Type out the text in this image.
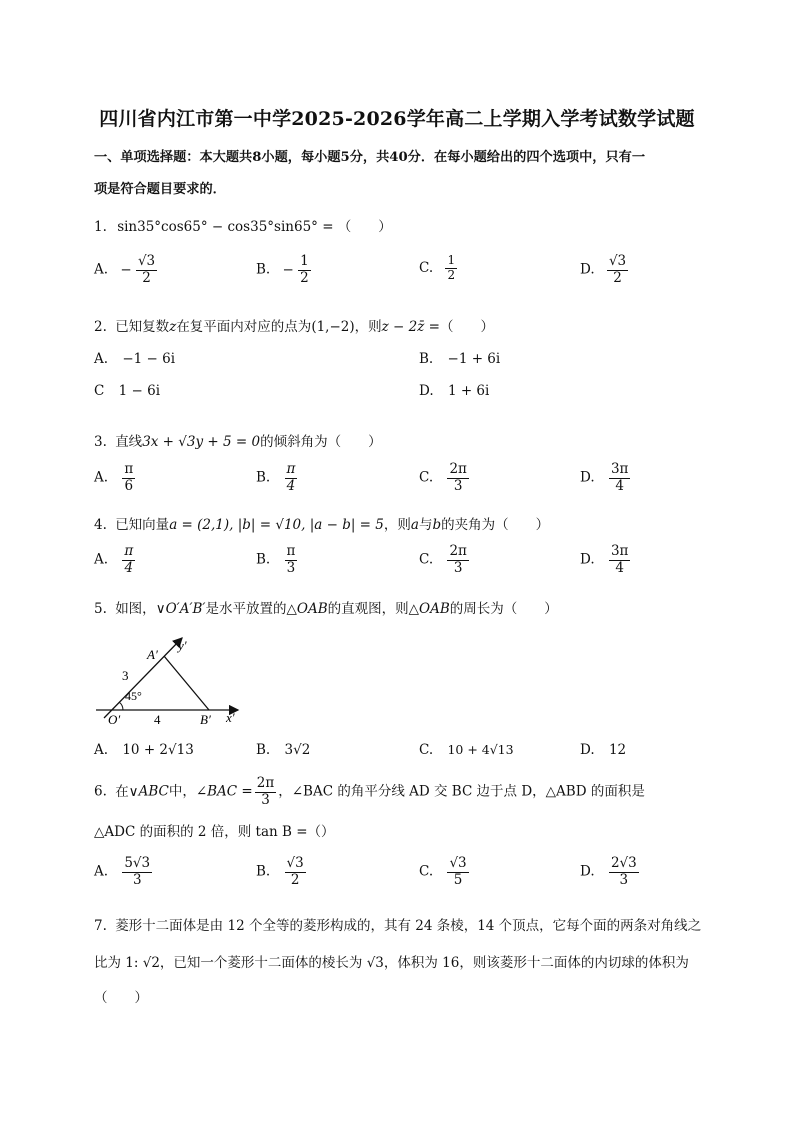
四川省内江市第一中学2025-2026学年高二上学期入学考试数学试题
一、单项选择题：本大题共8小题，每小题5分，共40分．在每小题给出的四个选项中，只有一
项是符合题目要求的．
1. sin35°cos65° − cos35°sin65° = （　　）
A. − $\frac{√3}{2}$	B. − $\frac{1}{2}$	C. $\frac{1}{2}$	D. $\frac{√3}{2}$
2. 已知复数z在复平面内对应的点为(1,−2)，则z − 2z̄ =（　　）
A. −1 − 6i	B. −1 + 6i
C 1 − 6i	D. 1 + 6i
3. 直线3x + √3y + 5 = 0的倾斜角为（　　）
A. $\frac{\pi}{6}$	B. $\frac{\pi}{4}$	C. $\frac{2\pi}{3}$	D. $\frac{3\pi}{4}$
4. 已知向量a = (2,1), |b| = √10, |a − b| = 5，则a与b的夹角为（　　）
A. $\frac{\pi}{4}$	B. $\frac{\pi}{3}$	C. $\frac{2\pi}{3}$	D. $\frac{3\pi}{4}$
5. 如图，∨O′A′B′是水平放置的△OAB的直观图，则△OAB的周长为（　　）
A′
y′
3
45°
O′	4	B′ x′
A. 10 + 2√13	B. 3√2	C. 10 + 4√13	D. 12
6. 在∨ABC中，∠BAC = $\frac{2\pi}{3}$ ，∠BAC 的角平分线 AD 交 BC 边于点 D，△ABD 的面积是
△ADC 的面积的 2 倍，则 tan B =（）
A. $\frac{5√3}{3}$	B. $\frac{√3}{2}$	C. $\frac{√3}{5}$	D. $\frac{2√3}{3}$
7. 菱形十二面体是由 12 个全等的菱形构成的，其有 24 条棱，14 个顶点，它每个面的两条对角线之
比为 1: √2，已知一个菱形十二面体的棱长为 √3，体积为 16，则该菱形十二面体的内切球的体积为
（　　）
